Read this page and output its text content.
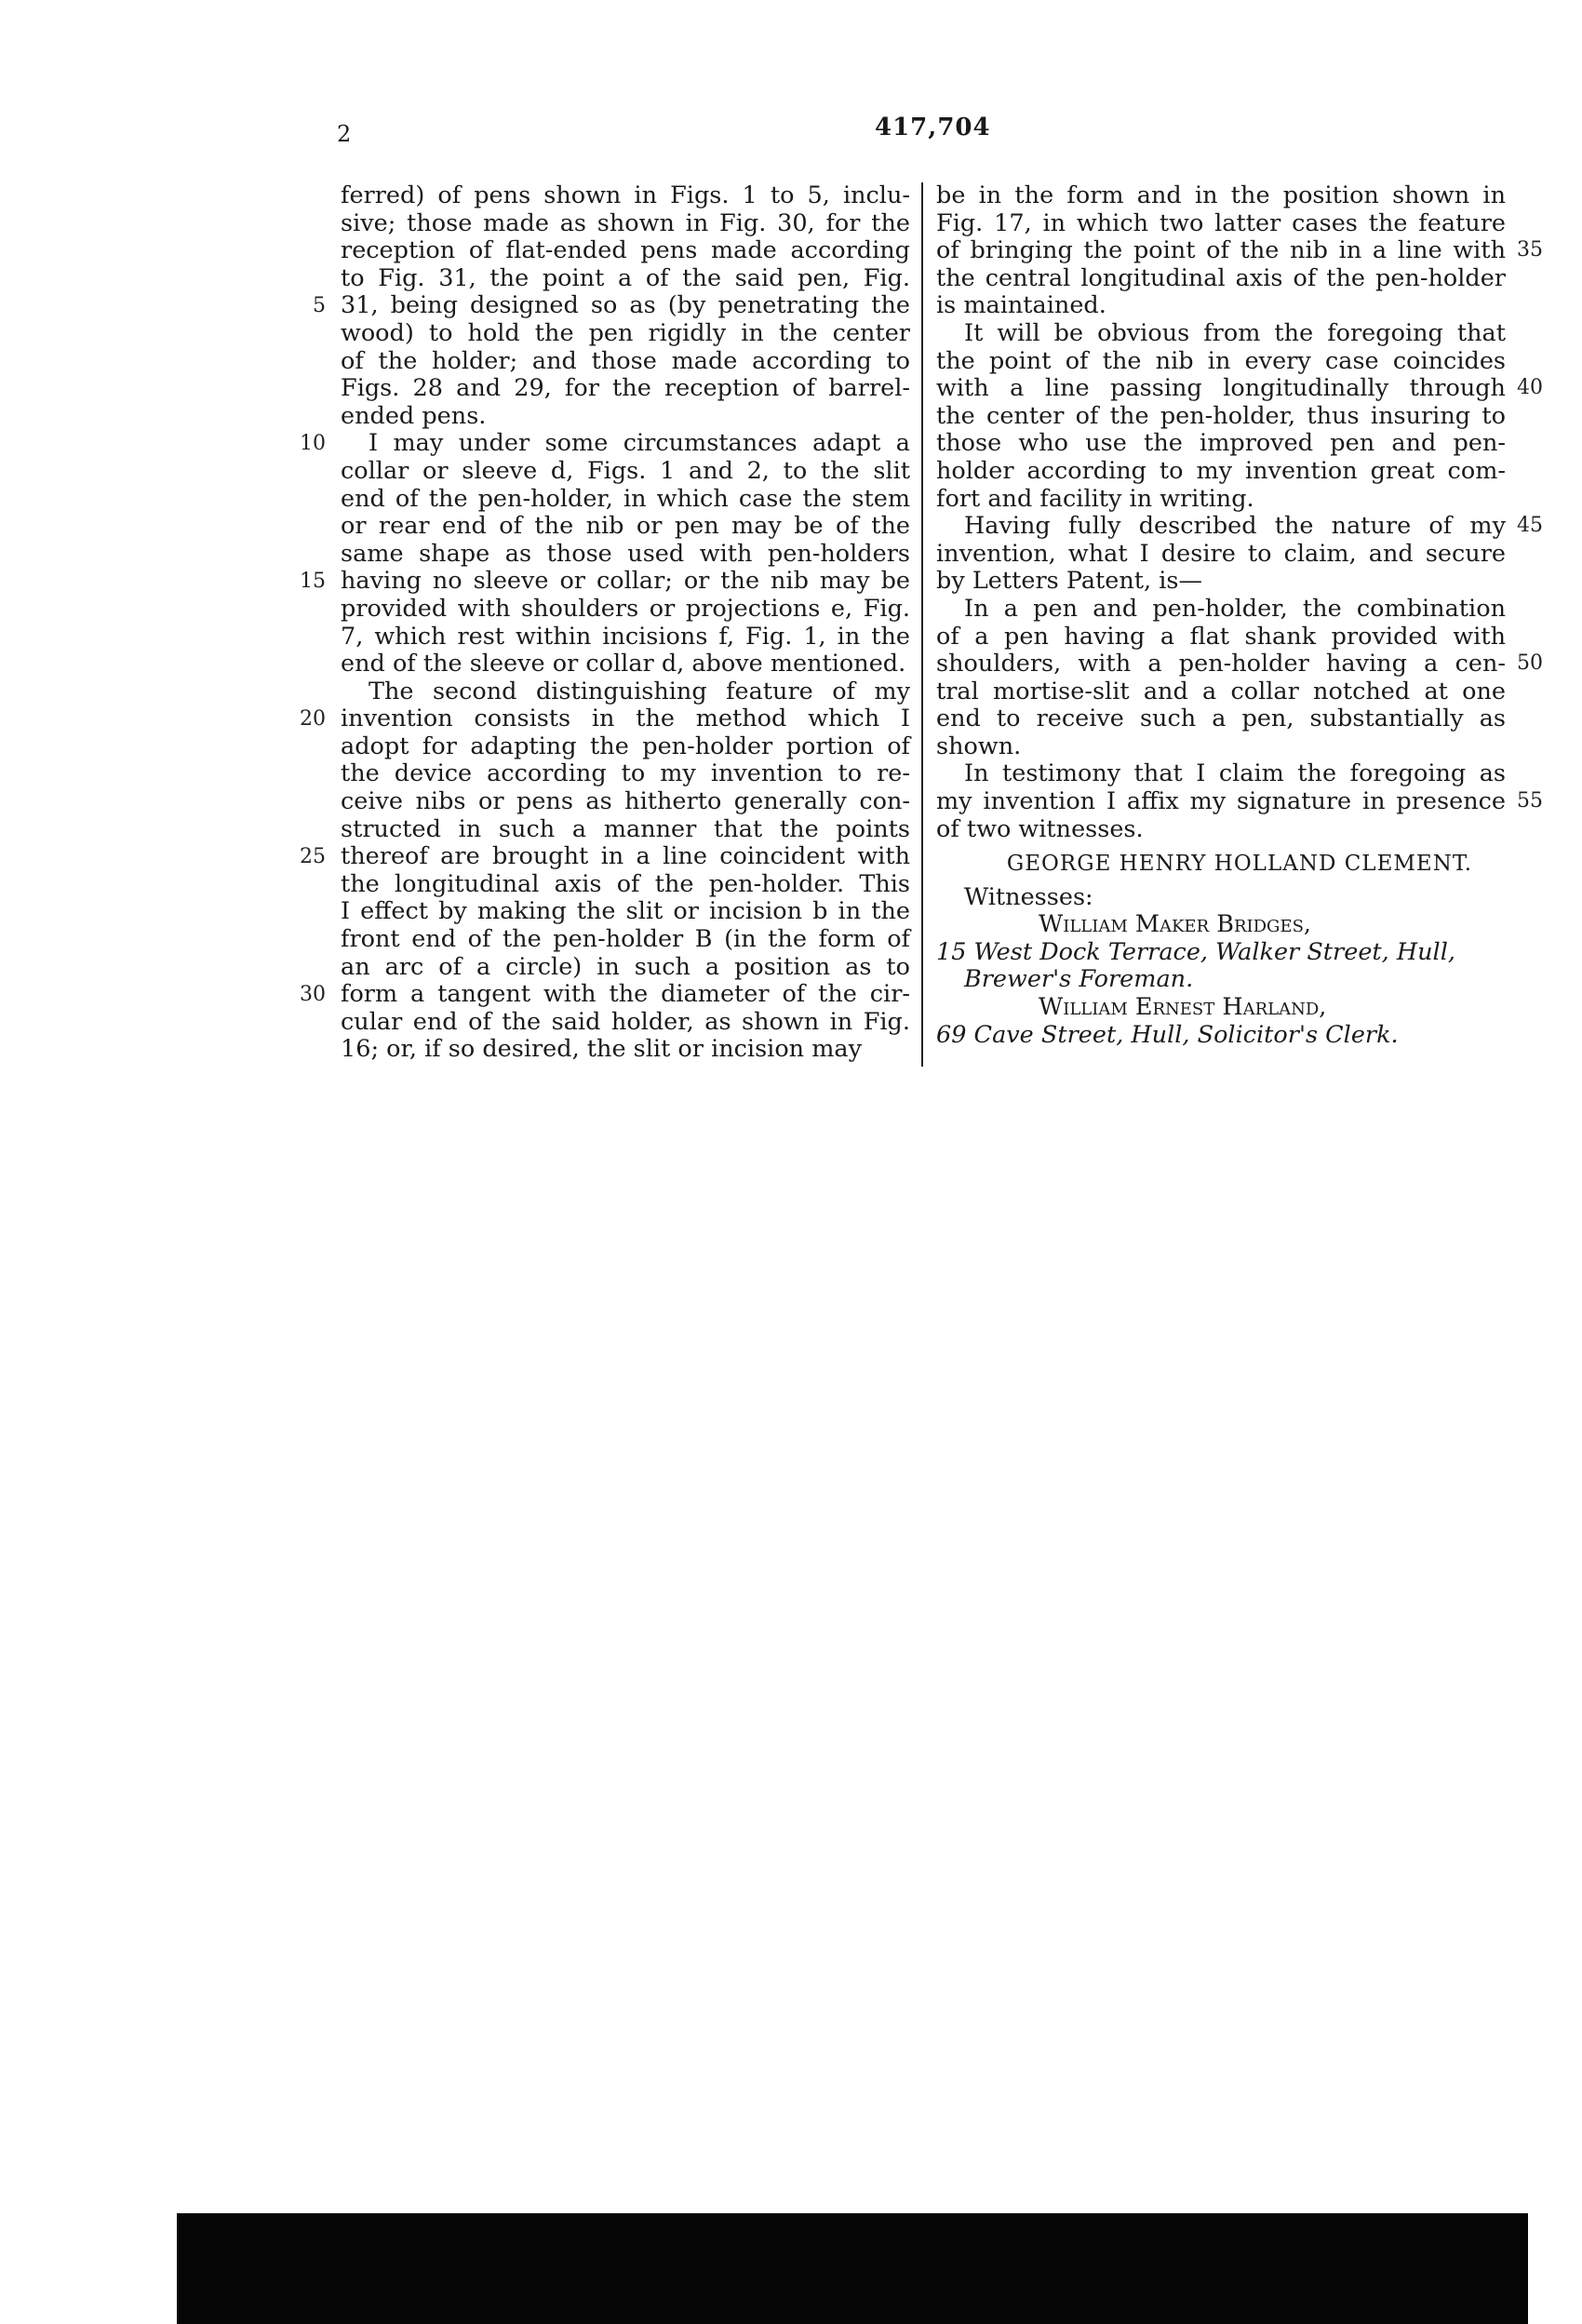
2	417,704
ferred) of pens shown in Figs. 1 to 5, inclu-
sive; those made as shown in Fig. 30, for the
reception of flat-ended pens made according
to Fig. 31, the point a of the said pen, Fig.
31, being designed so as (by penetrating the
wood) to hold the pen rigidly in the center
of the holder; and those made according to
Figs. 28 and 29, for the reception of barrel-
ended pens.
I may under some circumstances adapt a
collar or sleeve d, Figs. 1 and 2, to the slit
end of the pen-holder, in which case the stem
or rear end of the nib or pen may be of the
same shape as those used with pen-holders
having no sleeve or collar; or the nib may be
provided with shoulders or projections e, Fig.
7, which rest within incisions f, Fig. 1, in the
end of the sleeve or collar d, above mentioned.
The second distinguishing feature of my
invention consists in the method which I
adopt for adapting the pen-holder portion of
the device according to my invention to re-
ceive nibs or pens as hitherto generally con-
structed in such a manner that the points
thereof are brought in a line coincident with
the longitudinal axis of the pen-holder. This
I effect by making the slit or incision b in the
front end of the pen-holder B (in the form of
an arc of a circle) in such a position as to
form a tangent with the diameter of the cir-
cular end of the said holder, as shown in Fig.
16; or, if so desired, the slit or incision may
be in the form and in the position shown in
Fig. 17, in which two latter cases the feature
of bringing the point of the nib in a line with
the central longitudinal axis of the pen-holder
is maintained.
It will be obvious from the foregoing that
the point of the nib in every case coincides
with a line passing longitudinally through
the center of the pen-holder, thus insuring to
those who use the improved pen and pen-
holder according to my invention great com-
fort and facility in writing.
Having fully described the nature of my
invention, what I desire to claim, and secure
by Letters Patent, is—
In a pen and pen-holder, the combination
of a pen having a flat shank provided with
shoulders, with a pen-holder having a cen-
tral mortise-slit and a collar notched at one
end to receive such a pen, substantially as
shown.
In testimony that I claim the foregoing as
my invention I affix my signature in presence
of two witnesses.
5
10
15
20
25
30
35
40
45
50
55
GEORGE HENRY HOLLAND CLEMENT.
Witnesses:
William Maker Bridges,
15 West Dock Terrace, Walker Street, Hull,
Brewer's Foreman.
William Ernest Harland,
69 Cave Street, Hull, Solicitor's Clerk.
